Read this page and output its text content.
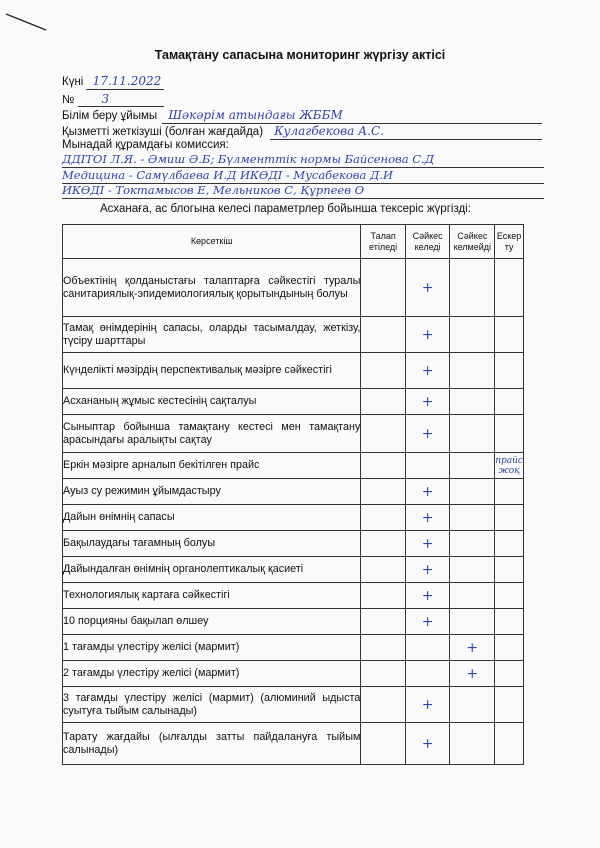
Тамақтану сапасына мониторинг жүргізу актісі
Күні 17.11.2022
№ 3
Білім беру ұйымы Шәкәрім атындағы ЖББМ
Қызметті жеткізуші (болған жағдайда) Кулагбекова А.С.
Мынадай құрамдағы комиссия:
ДДІТОІ Л.Я. - Әмиш Ә.Б; Бүлменттік нормы Байсенова С.Д
Медицина - Самүлбаева И.Д ИКӨДІ - Мусабекова Д.И
ИКӨДІ - Токтамысов Е, Мельников С, Құрпеев О
Асханаға, ас блогына келесі параметрлер бойынша тексеріс жүргізді:
Көрсеткіш	Талап етіледі	Сәйкес келеді	Сәйкес келмейді	Ескер ту
Объектінің қолданыстағы талаптарға сәйкестігі туралы санитариялық-эпидемиологиялық қорытындының болуы		+		
Тамақ өнімдерінің сапасы, оларды тасымалдау, жеткізу, түсіру шарттары		+		
Күнделікті мәзірдің перспективалық мәзірге сәйкестігі		+		
Асхананың жұмыс кестесінің сақталуы		+		
Сыныптар бойынша тамақтану кестесі мен тамақтану арасындағы аралықты сақтау		+		
Еркін мәзірге арналып бекітілген прайс				прайс жоқ
Ауыз су режимин ұйымдастыру		+		
Дайын өнімнің сапасы		+		
Бақылаудағы тағамның болуы		+		
Дайындалған өнімнің органолептикалық қасиеті		+		
Технологиялық картаға сәйкестігі		+		
10 порцияны бақылап өлшеу		+		
1 тағамды үлестіру желісі (мармит)			+	
2 тағамды үлестіру желісі (мармит)			+	
3 тағамды үлестіру желісі (мармит) (алюминий ыдыста суытуға тыйым салынады)		+		
Тарату жағдайы (ылғалды затты пайдалануға тыйым салынады)		+		
